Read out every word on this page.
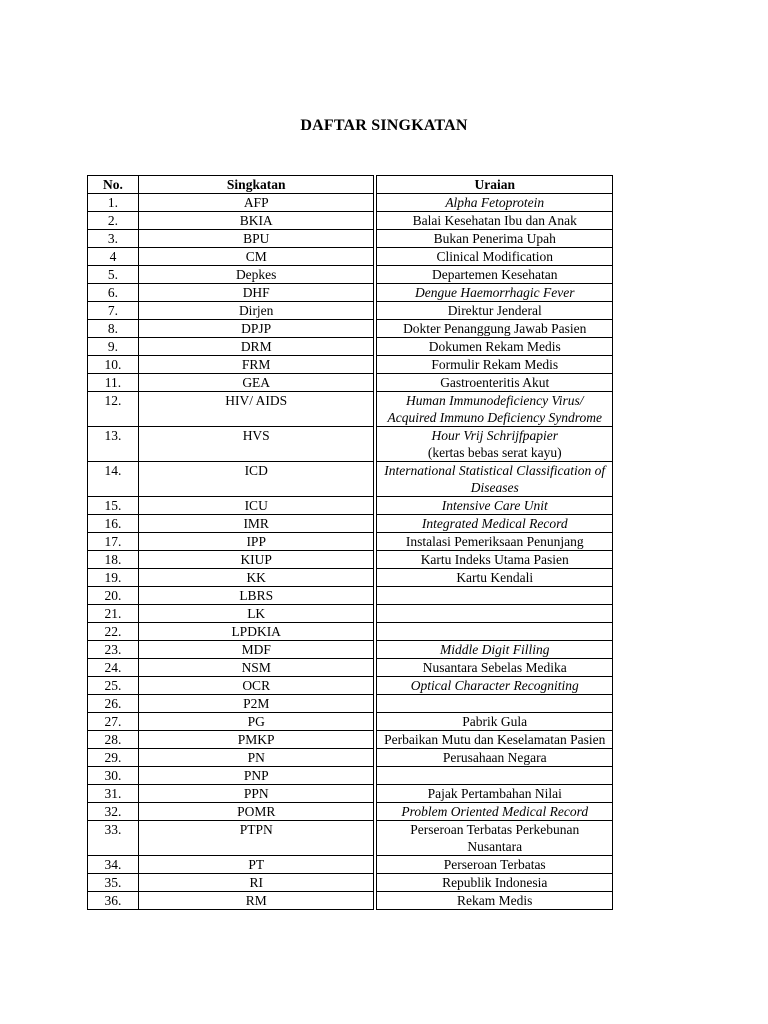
DAFTAR SINGKATAN
No.	Singkatan	Uraian
1.	AFP	Alpha Fetoprotein
2.	BKIA	Balai Kesehatan Ibu dan Anak
3.	BPU	Bukan Penerima Upah
4	CM	Clinical Modification
5.	Depkes	Departemen Kesehatan
6.	DHF	Dengue Haemorrhagic Fever
7.	Dirjen	Direktur Jenderal
8.	DPJP	Dokter Penanggung Jawab Pasien
9.	DRM	Dokumen Rekam Medis
10.	FRM	Formulir Rekam Medis
11.	GEA	Gastroenteritis Akut
12.	HIV/ AIDS	Human Immunodeficiency Virus/ Acquired Immuno Deficiency Syndrome
13.	HVS	Hour Vrij Schrijfpapier
(kertas bebas serat kayu)
14.	ICD	International Statistical Classification of Diseases
15.	ICU	Intensive Care Unit
16.	IMR	Integrated Medical Record
17.	IPP	Instalasi Pemeriksaan Penunjang
18.	KIUP	Kartu Indeks Utama Pasien
19.	KK	Kartu Kendali
20.	LBRS

21.	LK

22.	LPDKIA

23.	MDF	Middle Digit Filling
24.	NSM	Nusantara Sebelas Medika
25.	OCR	Optical Character Recogniting
26.	P2M

27.	PG	Pabrik Gula
28.	PMKP	Perbaikan Mutu dan Keselamatan Pasien
29.	PN	Perusahaan Negara
30.	PNP

31.	PPN	Pajak Pertambahan Nilai
32.	POMR	Problem Oriented Medical Record
33.	PTPN	Perseroan Terbatas Perkebunan Nusantara
34.	PT	Perseroan Terbatas
35.	RI	Republik Indonesia
36.	RM	Rekam Medis
